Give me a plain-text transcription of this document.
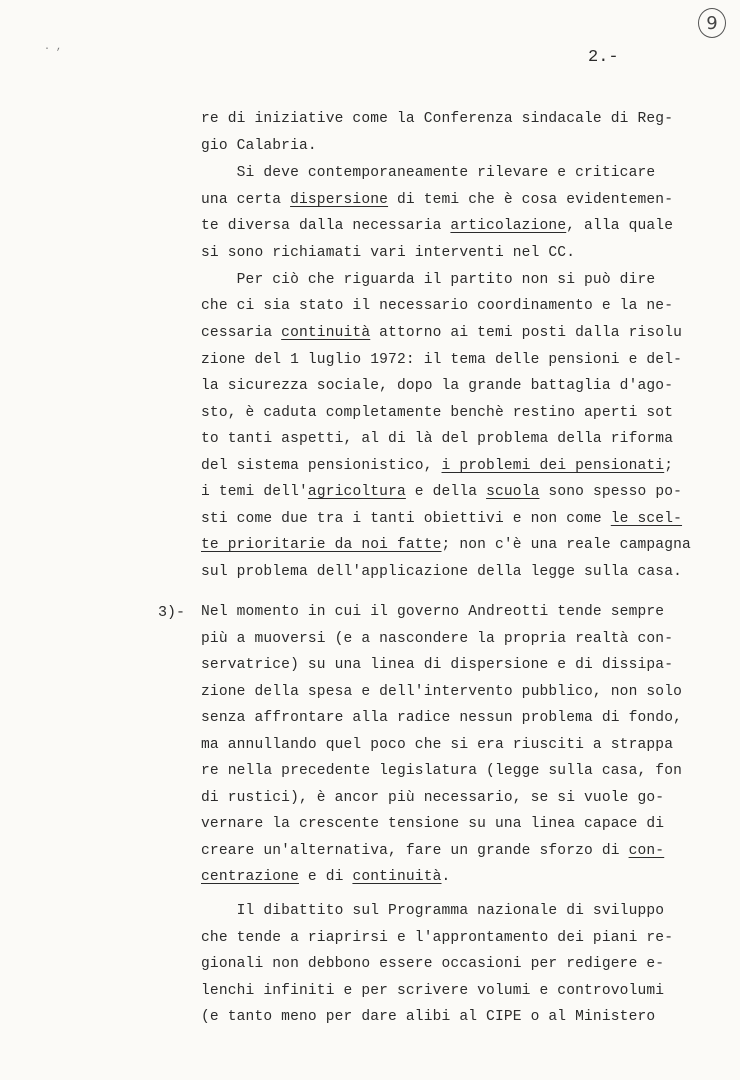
9
. ,
2.-
3)-
re di iniziative come la Conferenza sindacale di Reg-
gio Calabria.
Si deve contemporaneamente rilevare e criticare
una certa dispersione di temi che è cosa evidentemen-
te diversa dalla necessaria articolazione, alla quale
si sono richiamati vari interventi nel CC.
Per ciò che riguarda il partito non si può dire
che ci sia stato il necessario coordinamento e la ne-
cessaria continuità attorno ai temi posti dalla risolu
zione del 1 luglio 1972: il tema delle pensioni e del-
la sicurezza sociale, dopo la grande battaglia d'ago-
sto, è caduta completamente benchè restino aperti sot
to tanti aspetti, al di là del problema della riforma
del sistema pensionistico, i problemi dei pensionati;
i temi dell'agricoltura e della scuola sono spesso po-
sti come due tra i tanti obiettivi e non come le scel-
te prioritarie da noi fatte; non c'è una reale campagna
sul problema dell'applicazione della legge sulla casa.
Nel momento in cui il governo Andreotti tende sempre
più a muoversi (e a nascondere la propria realtà con-
servatrice) su una linea di dispersione e di dissipa-
zione della spesa e dell'intervento pubblico, non solo
senza affrontare alla radice nessun problema di fondo,
ma annullando quel poco che si era riusciti a strappa
re nella precedente legislatura (legge sulla casa, fon
di rustici), è ancor più necessario, se si vuole go-
vernare la crescente tensione su una linea capace di
creare un'alternativa, fare un grande sforzo di con-
centrazione e di continuità.
Il dibattito sul Programma nazionale di sviluppo
che tende a riaprirsi e l'approntamento dei piani re-
gionali non debbono essere occasioni per redigere e-
lenchi infiniti e per scrivere volumi e controvolumi
(e tanto meno per dare alibi al CIPE o al Ministero
